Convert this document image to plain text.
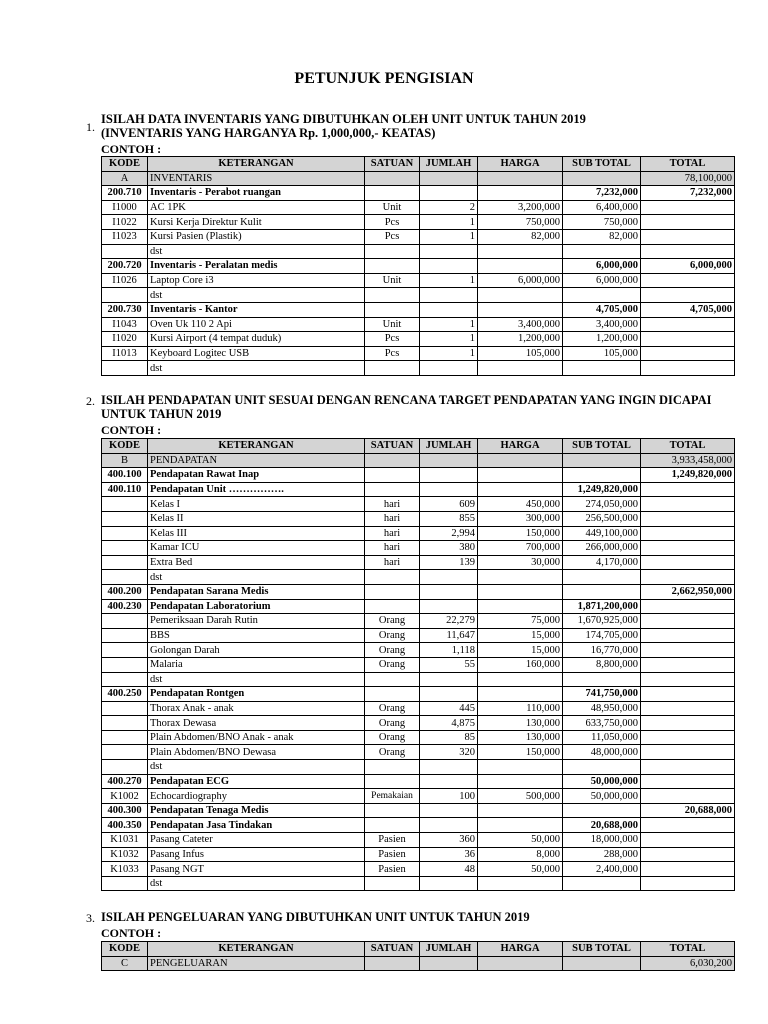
PETUNJUK PENGISIAN
1.
ISILAH DATA INVENTARIS YANG DIBUTUHKAN OLEH UNIT UNTUK TAHUN 2019
(INVENTARIS YANG HARGANYA Rp. 1,000,000,- KEATAS)
CONTOH :
KODE	KETERANGAN	SATUAN	JUMLAH	HARGA	SUB TOTAL	TOTAL
A	INVENTARIS					78,100,000
200.710	Inventaris - Perabot ruangan				7,232,000	7,232,000
I1000	AC 1PK	Unit	2	3,200,000	6,400,000	
I1022	Kursi Kerja Direktur Kulit	Pcs	1	750,000	750,000	
I1023	Kursi Pasien (Plastik)	Pcs	1	82,000	82,000	
	dst					
200.720	Inventaris - Peralatan medis				6,000,000	6,000,000
I1026	Laptop Core i3	Unit	1	6,000,000	6,000,000	
	dst					
200.730	Inventaris - Kantor				4,705,000	4,705,000
I1043	Oven Uk 110 2 Api	Unit	1	3,400,000	3,400,000	
I1020	Kursi Airport (4 tempat duduk)	Pcs	1	1,200,000	1,200,000	
I1013	Keyboard Logitec USB	Pcs	1	105,000	105,000	
	dst					
2. ISILAH PENDAPATAN UNIT SESUAI DENGAN RENCANA TARGET PENDAPATAN YANG INGIN DICAPAI
UNTUK TAHUN 2019
CONTOH :
KODE	KETERANGAN	SATUAN	JUMLAH	HARGA	SUB TOTAL	TOTAL
B	PENDAPATAN					3,933,458,000
400.100	Pendapatan Rawat Inap					1,249,820,000
400.110	Pendapatan Unit …………….				1,249,820,000	
	Kelas I	hari	609	450,000	274,050,000	
	Kelas II	hari	855	300,000	256,500,000	
	Kelas III	hari	2,994	150,000	449,100,000	
	Kamar ICU	hari	380	700,000	266,000,000	
	Extra Bed	hari	139	30,000	4,170,000	
	dst					
400.200	Pendapatan Sarana Medis					2,662,950,000
400.230	Pendapatan Laboratorium				1,871,200,000	
	Pemeriksaan Darah Rutin	Orang	22,279	75,000	1,670,925,000	
	BBS	Orang	11,647	15,000	174,705,000	
	Golongan Darah	Orang	1,118	15,000	16,770,000	
	Malaria	Orang	55	160,000	8,800,000	
	dst					
400.250	Pendapatan Rontgen				741,750,000	
	Thorax Anak - anak	Orang	445	110,000	48,950,000	
	Thorax Dewasa	Orang	4,875	130,000	633,750,000	
	Plain Abdomen/BNO Anak - anak	Orang	85	130,000	11,050,000	
	Plain Abdomen/BNO Dewasa	Orang	320	150,000	48,000,000	
	dst					
400.270	Pendapatan ECG				50,000,000	
K1002	Echocardiography	Pemakaian	100	500,000	50,000,000	
400.300	Pendapatan Tenaga Medis					20,688,000
400.350	Pendapatan Jasa Tindakan				20,688,000	
K1031	Pasang Cateter	Pasien	360	50,000	18,000,000	
K1032	Pasang Infus	Pasien	36	8,000	288,000	
K1033	Pasang NGT	Pasien	48	50,000	2,400,000	
	dst					
3. ISILAH PENGELUARAN YANG DIBUTUHKAN UNIT UNTUK TAHUN 2019
CONTOH :
KODE	KETERANGAN	SATUAN	JUMLAH	HARGA	SUB TOTAL	TOTAL
C	PENGELUARAN					6,030,200
